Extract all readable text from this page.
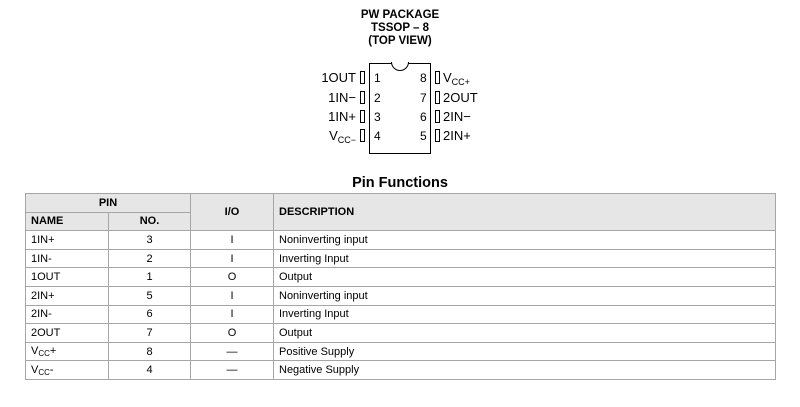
PW PACKAGE
TSSOP – 8
(TOP VIEW)
1
2
3
4
8
7
6
5
1OUT
1IN−
1IN+
$V_{CC-}$
$V_{CC+}$
2OUT
2IN−
2IN+
Pin Functions
PIN		I/O	DESCRIPTION
NAME	NO.		
1IN+	3	I	Noninverting input
1IN-	2	I	Inverting Input
1OUT	1	O	Output
2IN+	5	I	Noninverting input
2IN-	6	I	Inverting Input
2OUT	7	O	Output
$V_{CC}+$	8	—	Positive Supply
$V_{CC}-$	4	—	Negative Supply
